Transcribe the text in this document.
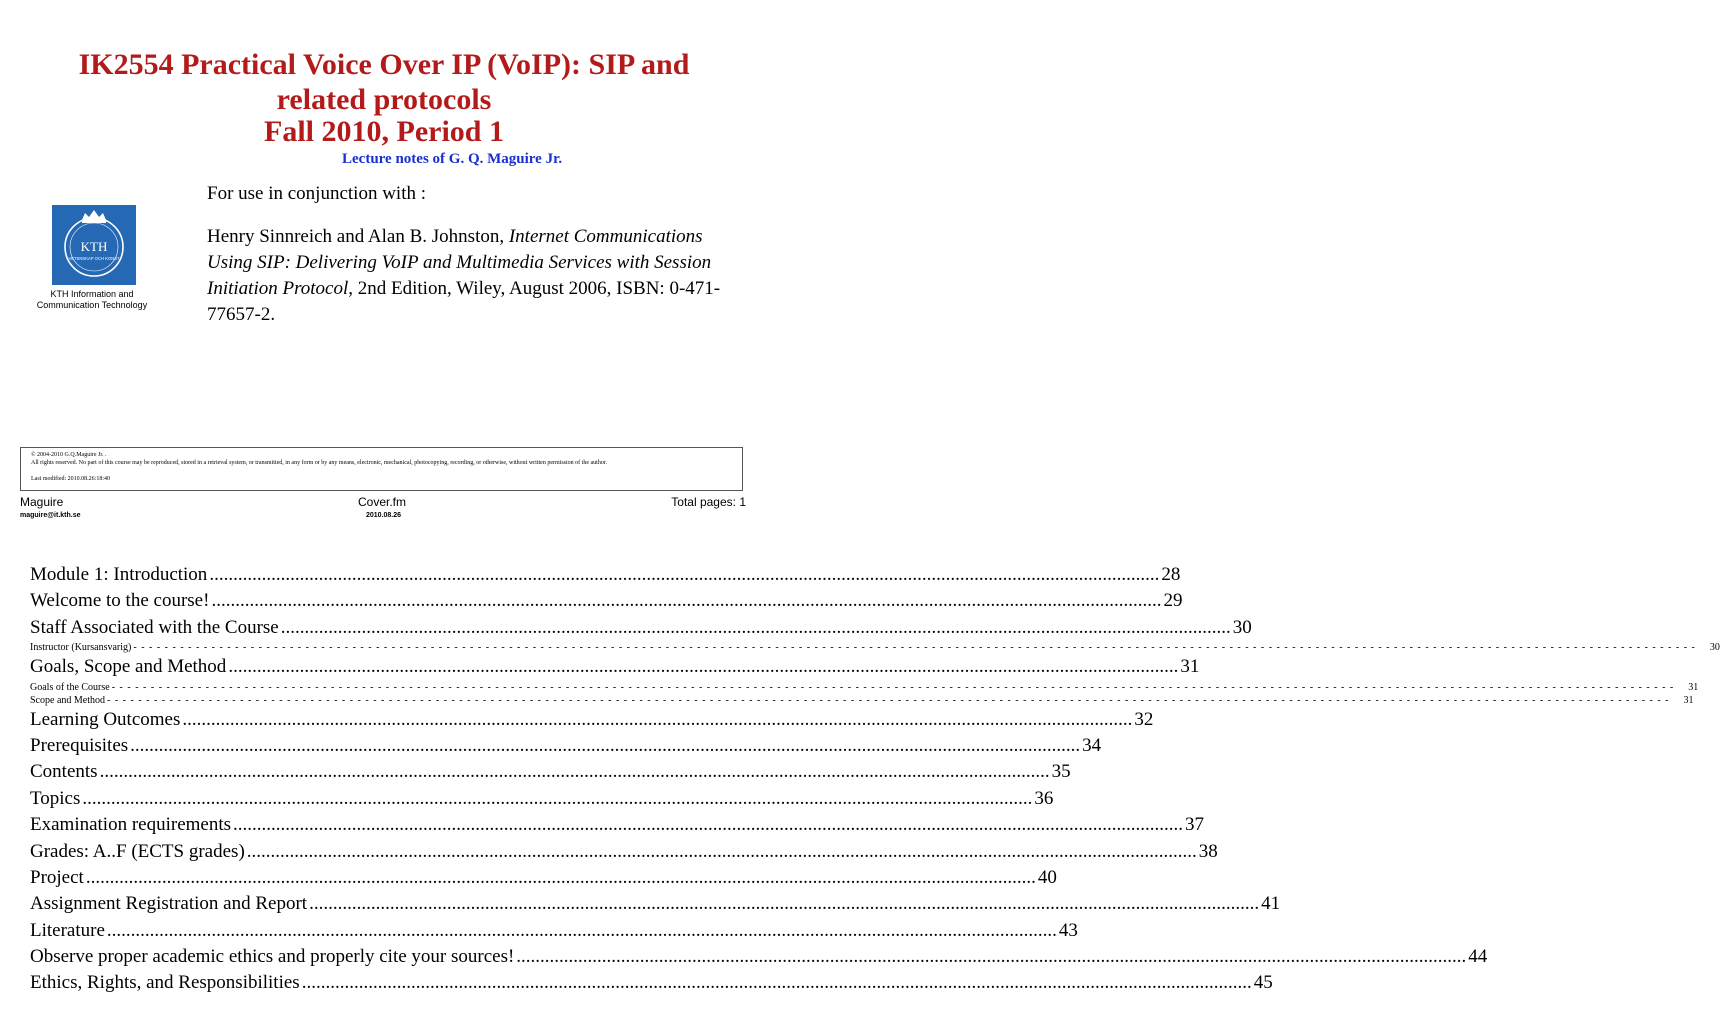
IK2554 Practical Voice Over IP (VoIP): SIP and
related protocols
Fall 2010, Period 1
Lecture notes of G. Q. Maguire Jr.
KTH
VETENSKAP OCH KONST
KTH Information and
Communication Technology
For use in conjunction with :
Henry Sinnreich and Alan B. Johnston, Internet Communications Using SIP: Delivering VoIP and Multimedia Services with Session Initiation Protocol, 2nd Edition, Wiley, August 2006, ISBN: 0-471-77657-2.
© 2004-2010 G.Q.Maguire Jr. .
All rights reserved. No part of this course may be reproduced, stored in a retrieval system, or transmitted, in any form or by any means, electronic, mechanical, photocopying, recording, or otherwise, without written permission of the author.
Last modified: 2010.08.26:18:40
Maguire	Cover.fm	Total pages: 1
maguire@it.kth.se	2010.08.26
Module 1: Introduction ........................................................................................................................................................................................................ 28
Welcome to the course! ........................................................................................................................................................................................................ 29
Staff Associated with the Course ........................................................................................................................................................................................................ 30
Instructor (Kursansvarig) - - - - - - - - - - - - - - - - - - - - - - - - - - - - - - - - - - - - - - - - - - - - - - - - - - - - - - - - - - - - - - - - - - - - - - - - - - - - - - - - - - - - - - - - - - - - - - - - - - - - - - - - - - - - - - - - - - - - - - - - - - - - - - - - - - - - - - - - - - - - - - - - - - - - - - - - - - - - - - - - - - - - - - - - - - - - - - - - - - - - - - - - - - - - - - - - - - - - - - - -	30
Goals, Scope and Method ........................................................................................................................................................................................................ 31
Goals of the Course - - - - - - - - - - - - - - - - - - - - - - - - - - - - - - - - - - - - - - - - - - - - - - - - - - - - - - - - - - - - - - - - - - - - - - - - - - - - - - - - - - - - - - - - - - - - - - - - - - - - - - - - - - - - - - - - - - - - - - - - - - - - - - - - - - - - - - - - - - - - - - - - - - - - - - - - - - - - - - - - - - - - - - - - - - - - - - - - - - - - - - - - - - - - - - - - - - - - - - - -	31
Scope and Method - - - - - - - - - - - - - - - - - - - - - - - - - - - - - - - - - - - - - - - - - - - - - - - - - - - - - - - - - - - - - - - - - - - - - - - - - - - - - - - - - - - - - - - - - - - - - - - - - - - - - - - - - - - - - - - - - - - - - - - - - - - - - - - - - - - - - - - - - - - - - - - - - - - - - - - - - - - - - - - - - - - - - - - - - - - - - - - - - - - - - - - - - - - - - - - - - - - - - - - -	31
Learning Outcomes ........................................................................................................................................................................................................ 32
Prerequisites ........................................................................................................................................................................................................ 34
Contents ........................................................................................................................................................................................................ 35
Topics ........................................................................................................................................................................................................ 36
Examination requirements ........................................................................................................................................................................................................ 37
Grades: A..F (ECTS grades) ........................................................................................................................................................................................................ 38
Project ........................................................................................................................................................................................................ 40
Assignment Registration and Report ........................................................................................................................................................................................................ 41
Literature ........................................................................................................................................................................................................ 43
Observe proper academic ethics and properly cite your sources! ........................................................................................................................................................................................................ 44
Ethics, Rights, and Responsibilities ........................................................................................................................................................................................................ 45
